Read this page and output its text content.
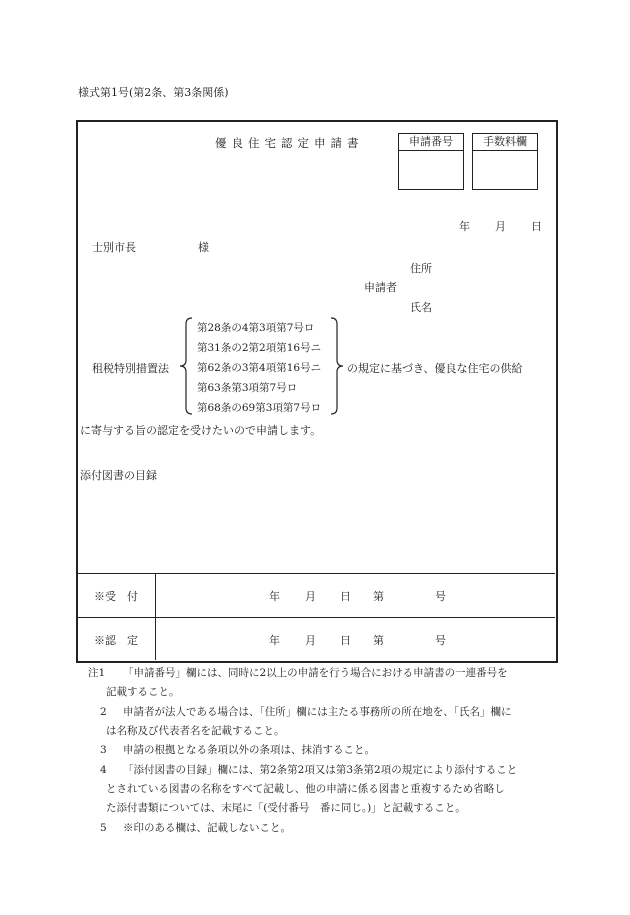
様式第1号(第2条、第3条関係)
優良住宅認定申請書	申請番号	手数料欄
年 月 日
士別市長	様
住所
申請者
氏名
租税特別措置法
第28条の4第3項第7号ロ
第31条の2第2項第16号ニ
第62条の3第4項第16号ニ
第63条第3項第7号ロ
第68条の69第3項第7号ロ
の規定に基づき、優良な住宅の供給
に寄与する旨の認定を受けたいので申請します。
添付図書の目録
※受　付	年 月 日 第	号
※認　定	年 月 日 第	号
注1 「申請番号」欄には、同時に2以上の申請を行う場合における申請書の一連番号を
記載すること。
2 申請者が法人である場合は、「住所」欄には主たる事務所の所在地を、「氏名」欄に
は名称及び代表者名を記載すること。
3 申請の根拠となる条項以外の条項は、抹消すること。
4 「添付図書の目録」欄には、第2条第2項又は第3条第2項の規定により添付すること
とされている図書の名称をすべて記載し、他の申請に係る図書と重複するため省略し
た添付書類については、末尾に「(受付番号　番に同じ。)」と記載すること。
5 ※印のある欄は、記載しないこと。
